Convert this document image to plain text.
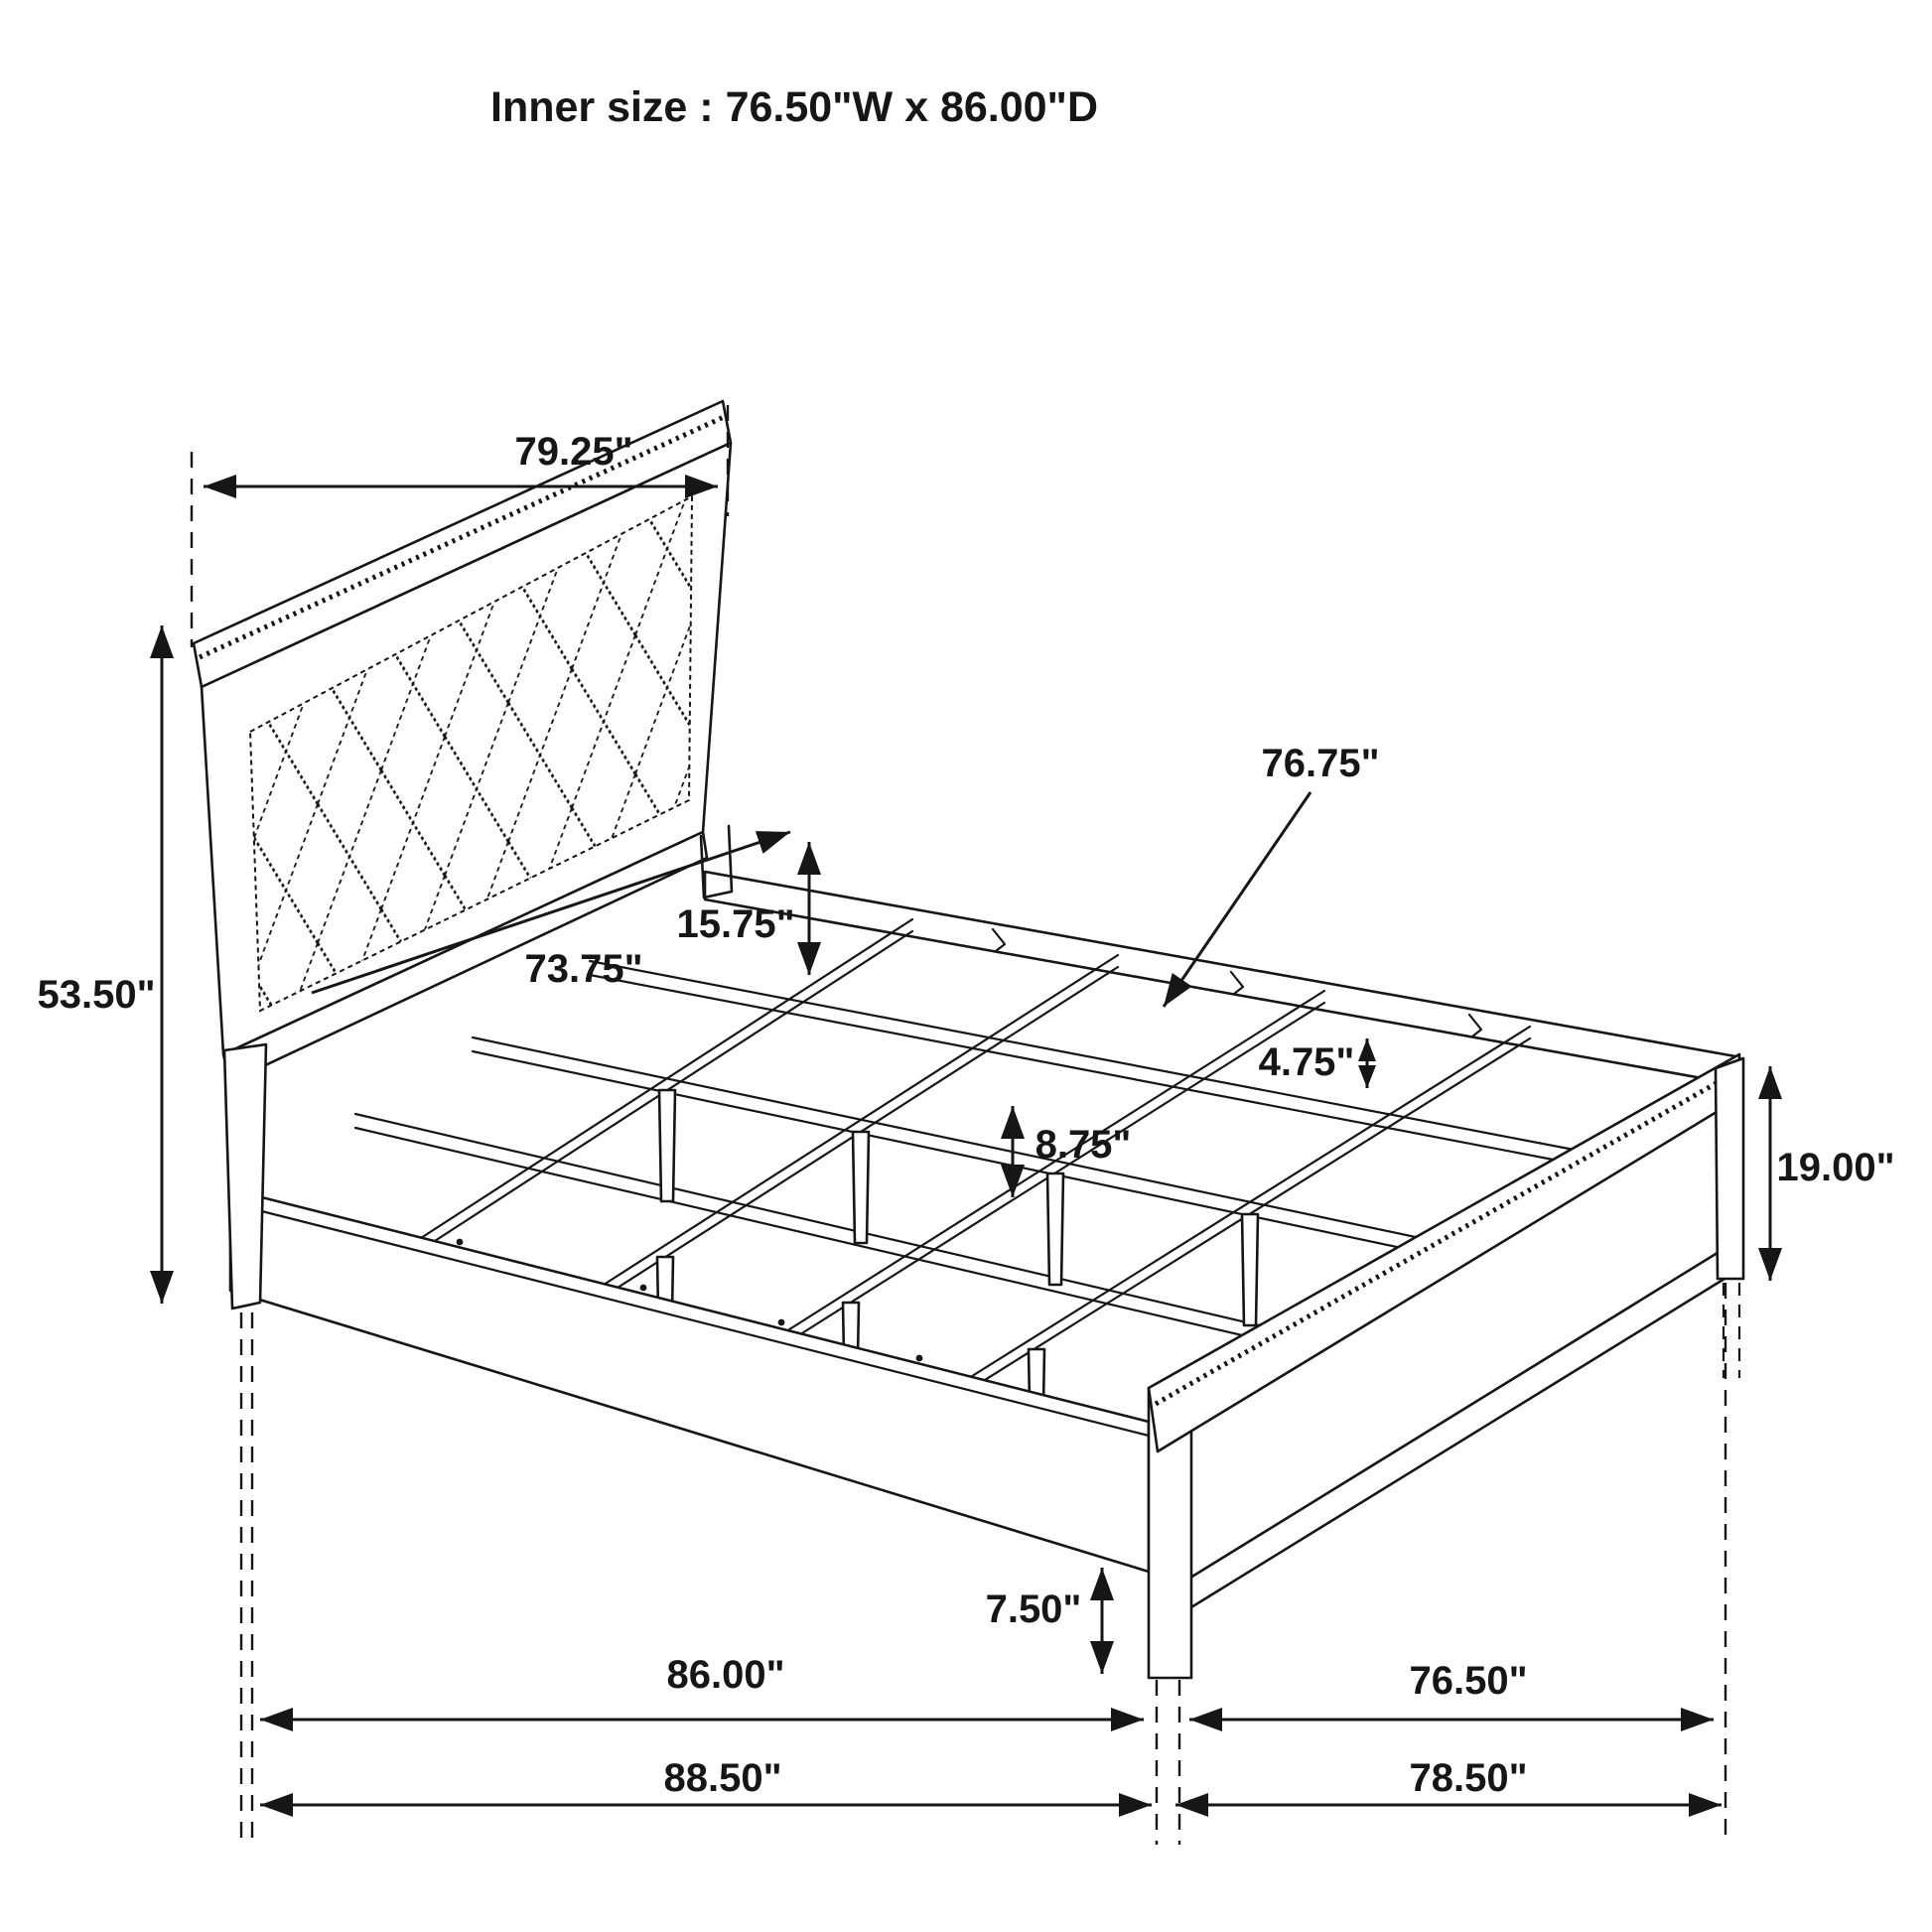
79.25"
53.50"
73.75"
15.75"
76.75"
4.75"
8.75"
19.00"
7.50"
86.00"	76.50"
88.50"	78.50"
Inner size : 76.50"W x 86.00"D
